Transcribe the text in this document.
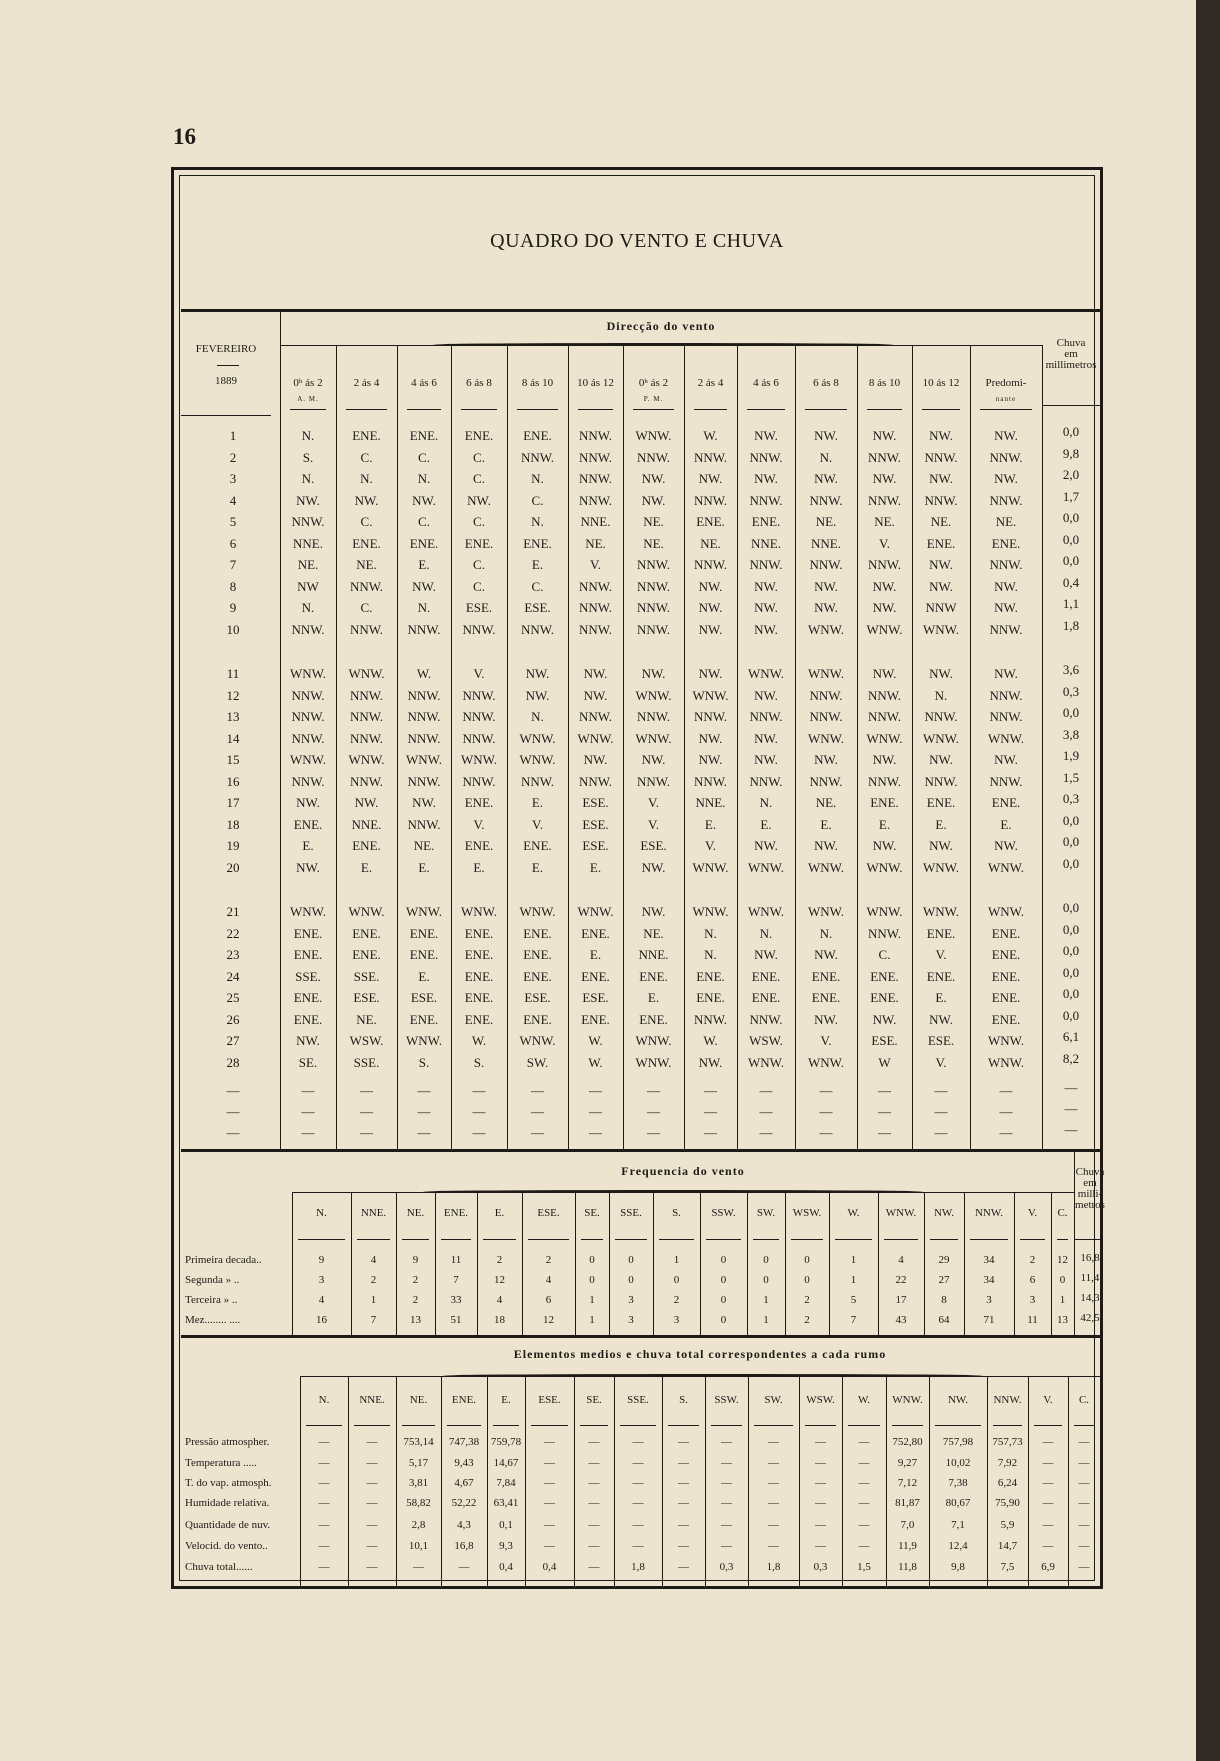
16
QUADRO DO VENTO E CHUVA
FEVEREIRO
1889
Direcção do vento
0ʰ ás 2
A. M.
2 ás 4	4 ás 6	6 ás 8	8 ás 10	10 ás 12	0ʰ ás 2
P. M.
2 ás 4	4 ás 6	6 ás 8	8 ás 10	10 ás 12	Predomi-
nante
Chuva
em
millimetros
1	N.	ENE.	ENE.	ENE.	ENE.	NNW.	WNW.	W.	NW.	NW.	NW.	NW.	NW.	0,0
2	S.	C.	C.	C.	NNW.	NNW.	NNW.	NNW.	NNW.	N.	NNW.	NNW.	NNW.	9,8
3	N.	N.	N.	C.	N.	NNW.	NW.	NW.	NW.	NW.	NW.	NW.	NW.	2,0
4	NW.	NW.	NW.	NW.	C.	NNW.	NW.	NNW.	NNW.	NNW.	NNW.	NNW.	NNW.	1,7
5	NNW.	C.	C.	C.	N.	NNE.	NE.	ENE.	ENE.	NE.	NE.	NE.	NE.	0,0
6	NNE.	ENE.	ENE.	ENE.	ENE.	NE.	NE.	NE.	NNE.	NNE.	V.	ENE.	ENE.	0,0
7	NE.	NE.	E.	C.	E.	V.	NNW.	NNW.	NNW.	NNW.	NNW.	NW.	NNW.	0,0
8	NW	NNW.	NW.	C.	C.	NNW.	NNW.	NW.	NW.	NW.	NW.	NW.	NW.	0,4
9	N.	C.	N.	ESE.	ESE.	NNW.	NNW.	NW.	NW.	NW.	NW.	NNW	NW.	1,1
10	NNW.	NNW.	NNW.	NNW.	NNW.	NNW.	NNW.	NW.	NW.	WNW.	WNW.	WNW.	NNW.	1,8
11	WNW.	WNW.	W.	V.	NW.	NW.	NW.	NW.	WNW.	WNW.	NW.	NW.	NW.	3,6
12	NNW.	NNW.	NNW.	NNW.	NW.	NW.	WNW.	WNW.	NW.	NNW.	NNW.	N.	NNW.	0,3
13	NNW.	NNW.	NNW.	NNW.	N.	NNW.	NNW.	NNW.	NNW.	NNW.	NNW.	NNW.	NNW.	0,0
14	NNW.	NNW.	NNW.	NNW.	WNW.	WNW.	WNW.	NW.	NW.	WNW.	WNW.	WNW.	WNW.	3,8
15	WNW.	WNW.	WNW.	WNW.	WNW.	NW.	NW.	NW.	NW.	NW.	NW.	NW.	NW.	1,9
16	NNW.	NNW.	NNW.	NNW.	NNW.	NNW.	NNW.	NNW.	NNW.	NNW.	NNW.	NNW.	NNW.	1,5
17	NW.	NW.	NW.	ENE.	E.	ESE.	V.	NNE.	N.	NE.	ENE.	ENE.	ENE.	0,3
18	ENE.	NNE.	NNW.	V.	V.	ESE.	V.	E.	E.	E.	E.	E.	E.	0,0
19	E.	ENE.	NE.	ENE.	ENE.	ESE.	ESE.	V.	NW.	NW.	NW.	NW.	NW.	0,0
20	NW.	E.	E.	E.	E.	E.	NW.	WNW.	WNW.	WNW.	WNW.	WNW.	WNW.	0,0
21	WNW.	WNW.	WNW.	WNW.	WNW.	WNW.	NW.	WNW.	WNW.	WNW.	WNW.	WNW.	WNW.	0,0
22	ENE.	ENE.	ENE.	ENE.	ENE.	ENE.	NE.	N.	N.	N.	NNW.	ENE.	ENE.	0,0
23	ENE.	ENE.	ENE.	ENE.	ENE.	E.	NNE.	N.	NW.	NW.	C.	V.	ENE.	0,0
24	SSE.	SSE.	E.	ENE.	ENE.	ENE.	ENE.	ENE.	ENE.	ENE.	ENE.	ENE.	ENE.	0,0
25	ENE.	ESE.	ESE.	ENE.	ESE.	ESE.	E.	ENE.	ENE.	ENE.	ENE.	E.	ENE.	0,0
26	ENE.	NE.	ENE.	ENE.	ENE.	ENE.	ENE.	NNW.	NNW.	NW.	NW.	NW.	ENE.	0,0
27	NW.	WSW.	WNW.	W.	WNW.	W.	WNW.	W.	WSW.	V.	ESE.	ESE.	WNW.	6,1
28	SE.	SSE.	S.	S.	SW.	W.	WNW.	NW.	WNW.	WNW.	W	V.	WNW.	8,2
—	—	—	—	—	—	—	—	—	—	—	—	—	—	—
—	—	—	—	—	—	—	—	—	—	—	—	—	—	—
—	—	—	—	—	—	—	—	—	—	—	—	—	—	—
Frequencia do vento
N.	NNE.	NE.	ENE.	E.	ESE.	SE.	SSE.	S.	SSW.	SW.	WSW.	W.	WNW.	NW.	NNW.	V.	C.
Chuva
em
milli-
metros
Primeira decada..	9	4	9	11	2	2	0	0	1	0	0	0	1	4	29	34	2	12	16,8
Segunda » ..	3	2	2	7	12	4	0	0	0	0	0	0	1	22	27	34	6	0	11,4
Terceira » ..	4	1	2	33	4	6	1	3	2	0	1	2	5	17	8	3	3	1	14,3
Mez........ ....	16	7	13	51	18	12	1	3	3	0	1	2	7	43	64	71	11	13	42,5
Elementos medios e chuva total correspondentes a cada rumo
N.	NNE.	NE.	ENE.	E.	ESE.	SE.	SSE.	S.	SSW.	SW.	WSW.	W.	WNW.	NW.	NNW.	V.	C.
Pressão atmospher.	—	—	753,14	747,38	759,78	—	—	—	—	—	—	—	—	752,80	757,98	757,73	—	—
Temperatura .....	—	—	5,17	9,43	14,67	—	—	—	—	—	—	—	—	9,27	10,02	7,92	—	—
T. do vap. atmosph.	—	—	3,81	4,67	7,84	—	—	—	—	—	—	—	—	7,12	7,38	6,24	—	—
Humidade relativa.	—	—	58,82	52,22	63,41	—	—	—	—	—	—	—	—	81,87	80,67	75,90	—	—
Quantidade de nuv.	—	—	2,8	4,3	0,1	—	—	—	—	—	—	—	—	7,0	7,1	5,9	—	—
Velocid. do vento..	—	—	10,1	16,8	9,3	—	—	—	—	—	—	—	—	11,9	12,4	14,7	—	—
Chuva total......	—	—	—	—	0,4	0,4	—	1,8	—	0,3	1,8	0,3	1,5	11,8	9,8	7,5	6,9	—
